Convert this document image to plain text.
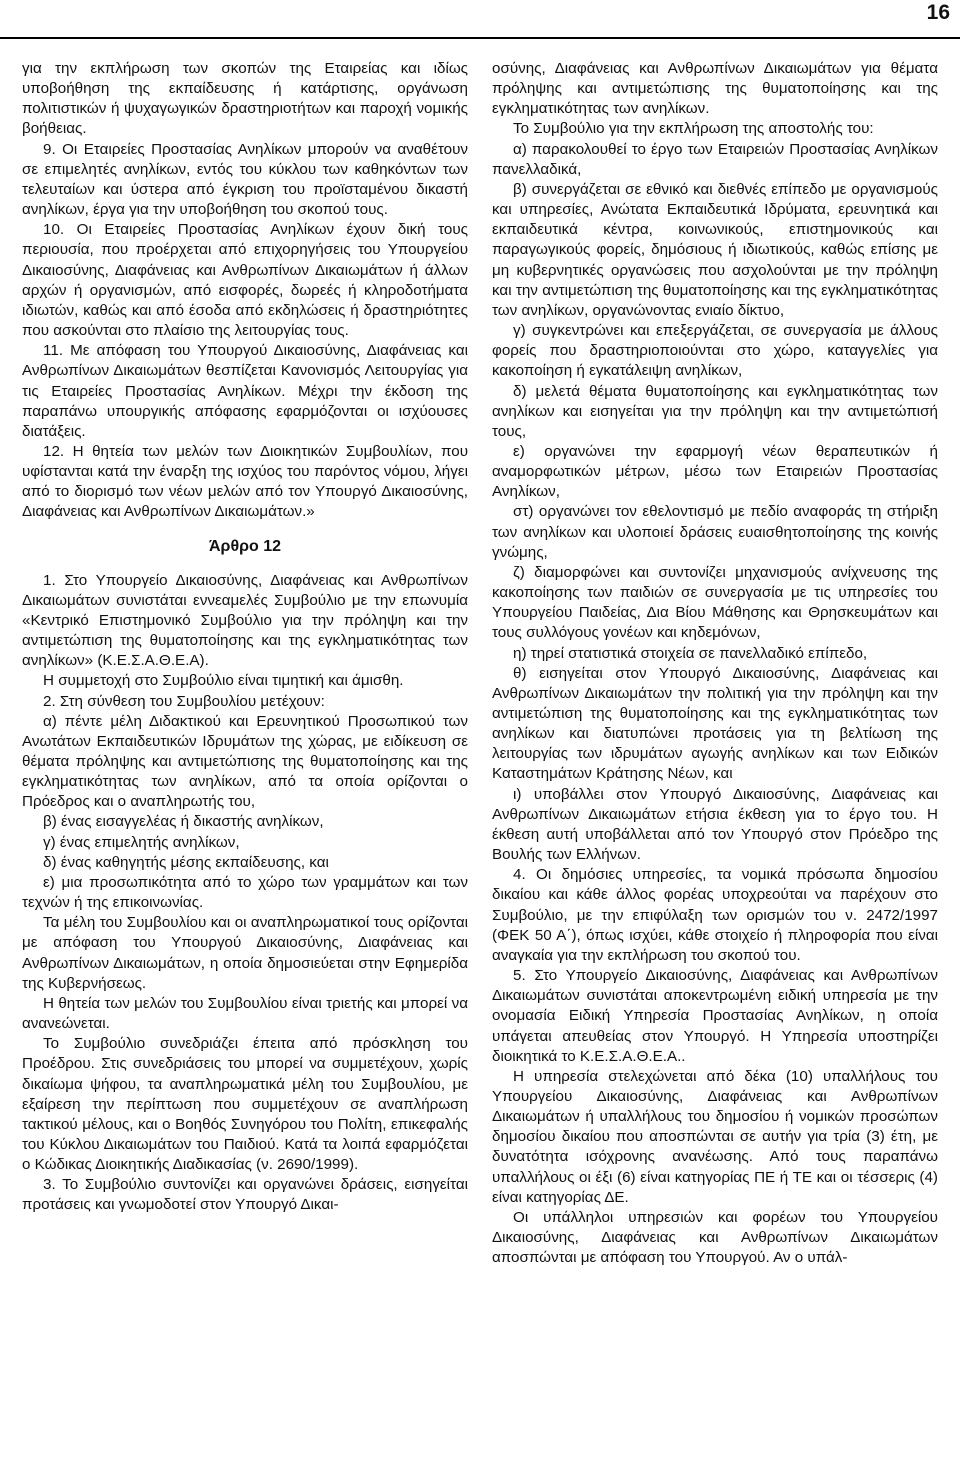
16

για την εκπλήρωση των σκοπών της Εταιρείας και ιδίως υποβοήθηση της εκπαίδευσης ή κατάρτισης, οργάνωση πολιτιστικών ή ψυχαγωγικών δραστηριοτήτων και παροχή νομικής βοήθειας.

9. Οι Εταιρείες Προστασίας Ανηλίκων μπορούν να αναθέτουν σε επιμελητές ανηλίκων, εντός του κύκλου των καθηκόντων των τελευταίων και ύστερα από έγκριση του προϊσταμένου δικαστή ανηλίκων, έργα για την υποβοήθηση του σκοπού τους.

10. Οι Εταιρείες Προστασίας Ανηλίκων έχουν δική τους περιουσία, που προέρχεται από επιχορηγήσεις του Υπουργείου Δικαιοσύνης, Διαφάνειας και Ανθρωπίνων Δικαιωμάτων ή άλλων αρχών ή οργανισμών, από εισφορές, δωρεές ή κληροδοτήματα ιδιωτών, καθώς και από έσοδα από εκδηλώσεις ή δραστηριότητες που ασκούνται στο πλαίσιο της λειτουργίας τους.

11. Με απόφαση του Υπουργού Δικαιοσύνης, Διαφάνειας και Ανθρωπίνων Δικαιωμάτων θεσπίζεται Κανονισμός Λειτουργίας για τις Εταιρείες Προστασίας Ανηλίκων. Μέχρι την έκδοση της παραπάνω υπουργικής απόφασης εφαρμόζονται οι ισχύουσες διατάξεις.

12. Η θητεία των μελών των Διοικητικών Συμβουλίων, που υφίστανται κατά την έναρξη της ισχύος του παρόντος νόμου, λήγει από το διορισμό των νέων μελών από τον Υπουργό Δικαιοσύνης, Διαφάνειας και Ανθρωπίνων Δικαιωμάτων.»

Άρθρο 12

1. Στο Υπουργείο Δικαιοσύνης, Διαφάνειας και Ανθρωπίνων Δικαιωμάτων συνιστάται εννεαμελές Συμβούλιο με την επωνυμία «Κεντρικό Επιστημονικό Συμβούλιο για την πρόληψη και την αντιμετώπιση της θυματοποίησης και της εγκληματικότητας των ανηλίκων» (Κ.Ε.Σ.Α.Θ.Ε.Α).

Η συμμετοχή στο Συμβούλιο είναι τιμητική και άμισθη.

2. Στη σύνθεση του Συμβουλίου μετέχουν:

α) πέντε μέλη Διδακτικού και Ερευνητικού Προσωπικού των Ανωτάτων Εκπαιδευτικών Ιδρυμάτων της χώρας, με ειδίκευση σε θέματα πρόληψης και αντιμετώπισης της θυματοποίησης και της εγκληματικότητας των ανηλίκων, από τα οποία ορίζονται ο Πρόεδρος και ο αναπληρωτής του,

β) ένας εισαγγελέας ή δικαστής ανηλίκων,

γ) ένας επιμελητής ανηλίκων,

δ) ένας καθηγητής μέσης εκπαίδευσης, και

ε) μια προσωπικότητα από το χώρο των γραμμάτων και των τεχνών ή της επικοινωνίας.

Τα μέλη του Συμβουλίου και οι αναπληρωματικοί τους ορίζονται με απόφαση του Υπουργού Δικαιοσύνης, Διαφάνειας και Ανθρωπίνων Δικαιωμάτων, η οποία δημοσιεύεται στην Εφημερίδα της Κυβερνήσεως.

Η θητεία των μελών του Συμβουλίου είναι τριετής και μπορεί να ανανεώνεται.

Το Συμβούλιο συνεδριάζει έπειτα από πρόσκληση του Προέδρου. Στις συνεδριάσεις του μπορεί να συμμετέχουν, χωρίς δικαίωμα ψήφου, τα αναπληρωματικά μέλη του Συμβουλίου, με εξαίρεση την περίπτωση που συμμετέχουν σε αναπλήρωση τακτικού μέλους, και ο Βοηθός Συνηγόρου του Πολίτη, επικεφαλής του Κύκλου Δικαιωμάτων του Παιδιού. Κατά τα λοιπά εφαρμόζεται ο Κώδικας Διοικητικής Διαδικασίας (ν. 2690/1999).

3. Το Συμβούλιο συντονίζει και οργανώνει δράσεις, εισηγείται προτάσεις και γνωμοδοτεί στον Υπουργό Δικαι-

οσύνης, Διαφάνειας και Ανθρωπίνων Δικαιωμάτων για θέματα πρόληψης και αντιμετώπισης της θυματοποίησης και της εγκληματικότητας των ανηλίκων.

Το Συμβούλιο για την εκπλήρωση της αποστολής του:

α) παρακολουθεί το έργο των Εταιρειών Προστασίας Ανηλίκων πανελλαδικά,

β) συνεργάζεται σε εθνικό και διεθνές επίπεδο με οργανισμούς και υπηρεσίες, Ανώτατα Εκπαιδευτικά Ιδρύματα, ερευνητικά και εκπαιδευτικά κέντρα, κοινωνικούς, επιστημονικούς και παραγωγικούς φορείς, δημόσιους ή ιδιωτικούς, καθώς επίσης με μη κυβερνητικές οργανώσεις που ασχολούνται με την πρόληψη και την αντιμετώπιση της θυματοποίησης και της εγκληματικότητας των ανηλίκων, οργανώνοντας ενιαίο δίκτυο,

γ) συγκεντρώνει και επεξεργάζεται, σε συνεργασία με άλλους φορείς που δραστηριοποιούνται στο χώρο, καταγγελίες για κακοποίηση ή εγκατάλειψη ανηλίκων,

δ) μελετά θέματα θυματοποίησης και εγκληματικότητας των ανηλίκων και εισηγείται για την πρόληψη και την αντιμετώπισή τους,

ε) οργανώνει την εφαρμογή νέων θεραπευτικών ή αναμορφωτικών μέτρων, μέσω των Εταιρειών Προστασίας Ανηλίκων,

στ) οργανώνει τον εθελοντισμό με πεδίο αναφοράς τη στήριξη των ανηλίκων και υλοποιεί δράσεις ευαισθητοποίησης της κοινής γνώμης,

ζ) διαμορφώνει και συντονίζει μηχανισμούς ανίχνευσης της κακοποίησης των παιδιών σε συνεργασία με τις υπηρεσίες του Υπουργείου Παιδείας, Δια Βίου Μάθησης και Θρησκευμάτων και τους συλλόγους γονέων και κηδεμόνων,

η) τηρεί στατιστικά στοιχεία σε πανελλαδικό επίπεδο,

θ) εισηγείται στον Υπουργό Δικαιοσύνης, Διαφάνειας και Ανθρωπίνων Δικαιωμάτων την πολιτική για την πρόληψη και την αντιμετώπιση της θυματοποίησης και της εγκληματικότητας των ανηλίκων και διατυπώνει προτάσεις για τη βελτίωση της λειτουργίας των ιδρυμάτων αγωγής ανηλίκων και των Ειδικών Καταστημάτων Κράτησης Νέων, και

ι) υποβάλλει στον Υπουργό Δικαιοσύνης, Διαφάνειας και Ανθρωπίνων Δικαιωμάτων ετήσια έκθεση για το έργο του. Η έκθεση αυτή υποβάλλεται από τον Υπουργό στον Πρόεδρο της Βουλής των Ελλήνων.

4. Οι δημόσιες υπηρεσίες, τα νομικά πρόσωπα δημοσίου δικαίου και κάθε άλλος φορέας υποχρεούται να παρέχουν στο Συμβούλιο, με την επιφύλαξη των ορισμών του ν. 2472/1997 (ΦΕΚ 50 Α΄), όπως ισχύει, κάθε στοιχείο ή πληροφορία που είναι αναγκαία για την εκπλήρωση του σκοπού του.

5. Στο Υπουργείο Δικαιοσύνης, Διαφάνειας και Ανθρωπίνων Δικαιωμάτων συνιστάται αποκεντρωμένη ειδική υπηρεσία με την ονομασία Ειδική Υπηρεσία Προστασίας Ανηλίκων, η οποία υπάγεται απευθείας στον Υπουργό. Η Υπηρεσία υποστηρίζει διοικητικά το Κ.Ε.Σ.Α.Θ.Ε.Α..

Η υπηρεσία στελεχώνεται από δέκα (10) υπαλλήλους του Υπουργείου Δικαιοσύνης, Διαφάνειας και Ανθρωπίνων Δικαιωμάτων ή υπαλλήλους του δημοσίου ή νομικών προσώπων δημοσίου δικαίου που αποσπώνται σε αυτήν για τρία (3) έτη, με δυνατότητα ισόχρονης ανανέωσης. Από τους παραπάνω υπαλλήλους οι έξι (6) είναι κατηγορίας ΠΕ ή ΤΕ και οι τέσσερις (4) είναι κατηγορίας ΔΕ.

Οι υπάλληλοι υπηρεσιών και φορέων του Υπουργείου Δικαιοσύνης, Διαφάνειας και Ανθρωπίνων Δικαιωμάτων αποσπώνται με απόφαση του Υπουργού. Αν ο υπάλ-
